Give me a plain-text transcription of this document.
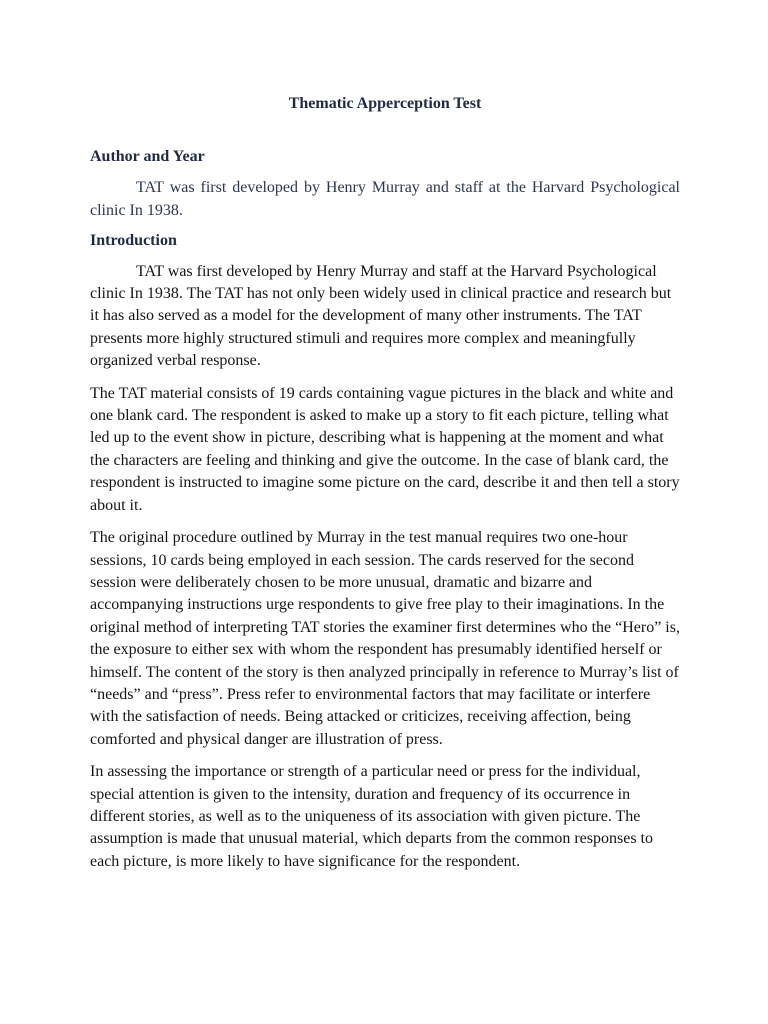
Thematic Apperception Test
Author and Year

TAT was first developed by Henry Murray and staff at the Harvard Psychological clinic In 1938.

Introduction

TAT was first developed by Henry Murray and staff at the Harvard Psychological clinic In 1938. The TAT has not only been widely used in clinical practice and research but it has also served as a model for the development of many other instruments. The TAT presents more highly structured stimuli and requires more complex and meaningfully organized verbal response.

The TAT material consists of 19 cards containing vague pictures in the black and white and one blank card. The respondent is asked to make up a story to fit each picture, telling what led up to the event show in picture, describing what is happening at the moment and what the characters are feeling and thinking and give the outcome. In the case of blank card, the respondent is instructed to imagine some picture on the card, describe it and then tell a story about it.

The original procedure outlined by Murray in the test manual requires two one-hour sessions, 10 cards being employed in each session. The cards reserved for the second session were deliberately chosen to be more unusual, dramatic and bizarre and accompanying instructions urge respondents to give free play to their imaginations. In the original method of interpreting TAT stories the examiner first determines who the “Hero” is, the exposure to either sex with whom the respondent has presumably identified herself or himself. The content of the story is then analyzed principally in reference to Murray’s list of “needs” and “press”. Press refer to environmental factors that may facilitate or interfere with the satisfaction of needs. Being attacked or criticizes, receiving affection, being comforted and physical danger are illustration of press.

In assessing the importance or strength of a particular need or press for the individual, special attention is given to the intensity, duration and frequency of its occurrence in different stories, as well as to the uniqueness of its association with given picture. The assumption is made that unusual material, which departs from the common responses to each picture, is more likely to have significance for the respondent.
